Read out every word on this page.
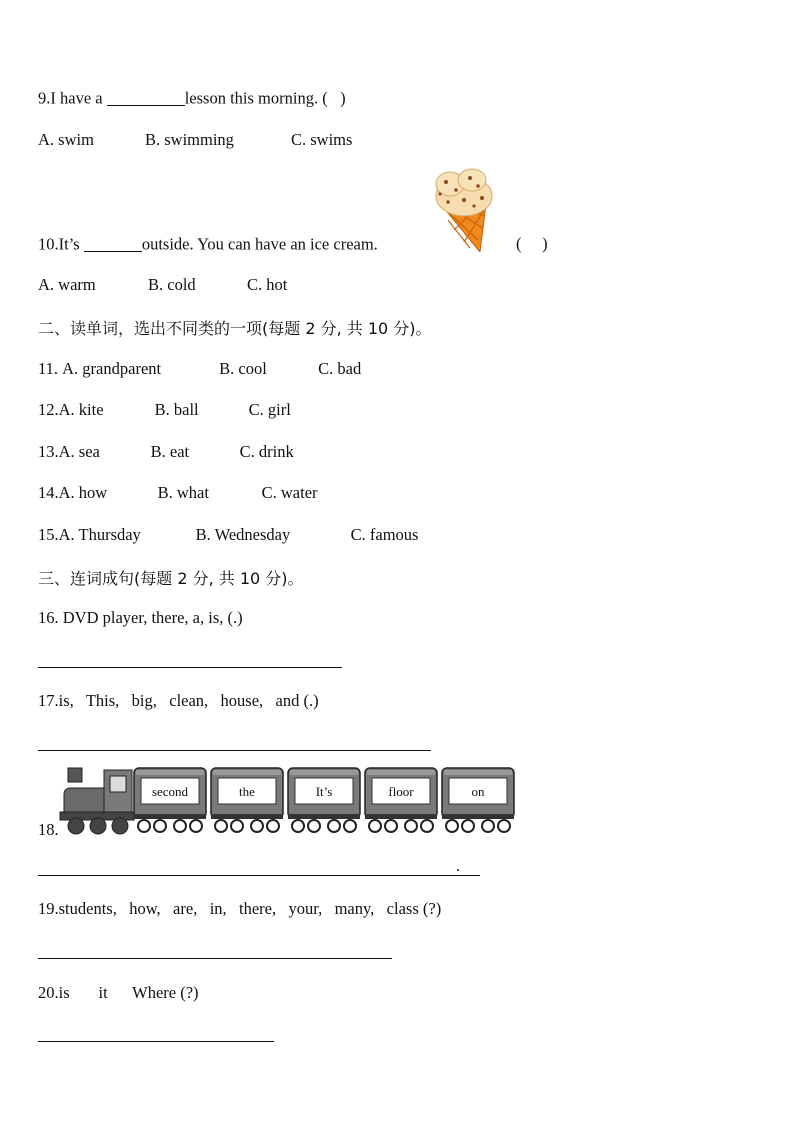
9.I have a	lesson this morning. (   )
A. swim	B. swimming	C. swims
10.It’s	outside. You can have an ice cream.	(     )
A. warm	B. cold	C. hot
二、读单词，选出不同类的一项(每题 2 分, 共 10 分)。
11. A. grandparent	B. cool	C. bad
12.A. kite	B. ball	C. girl
13.A. sea	B. eat	C. drink
14.A. how	B. what	C. water
15.A. Thursday	B. Wednesday	C. famous
三、连词成句(每题 2 分, 共 10 分)。
16. DVD player, there, a, is, (.)
17.is,   This,   big,   clean,   house,   and (.)
18.
second	the	It’s	floor	on
.
19.students,   how,   are,   in,   there,   your,   many,   class (?)
20.is       it      Where (?)
